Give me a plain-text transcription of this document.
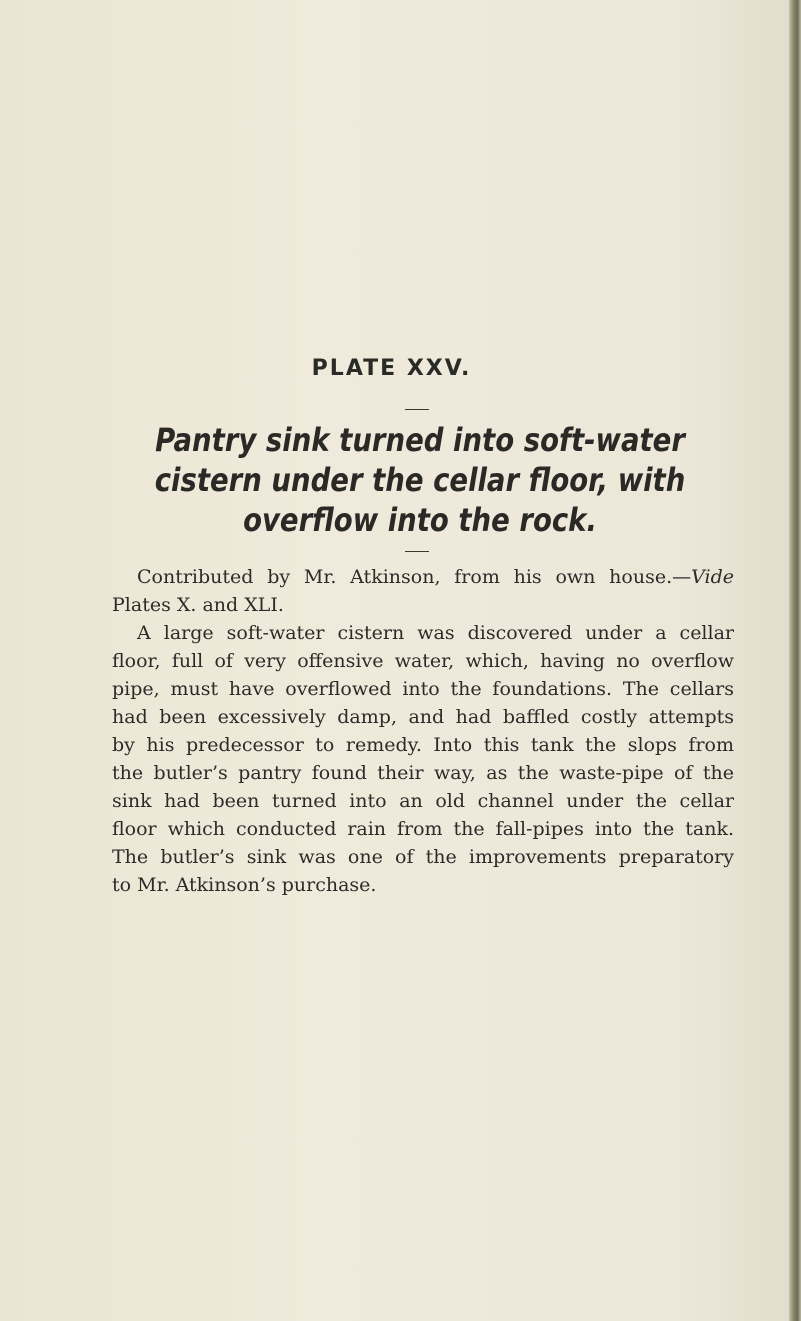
PLATE XXV.
Pantry sink turned into soft-water cistern under the cellar floor, with overflow into the rock.

Contributed by Mr. Atkinson, from his own house.—Vide
Plates X. and XLI.

A large soft-water cistern was discovered under a cellar
floor, full of very offensive water, which, having no overflow
pipe, must have overflowed into the foundations. The cellars
had been excessively damp, and had baffled costly attempts
by his predecessor to remedy. Into this tank the slops from
the butler’s pantry found their way, as the waste-pipe of the
sink had been turned into an old channel under the cellar
floor which conducted rain from the fall-pipes into the tank.
The butler’s sink was one of the improvements preparatory
to Mr. Atkinson’s purchase.
